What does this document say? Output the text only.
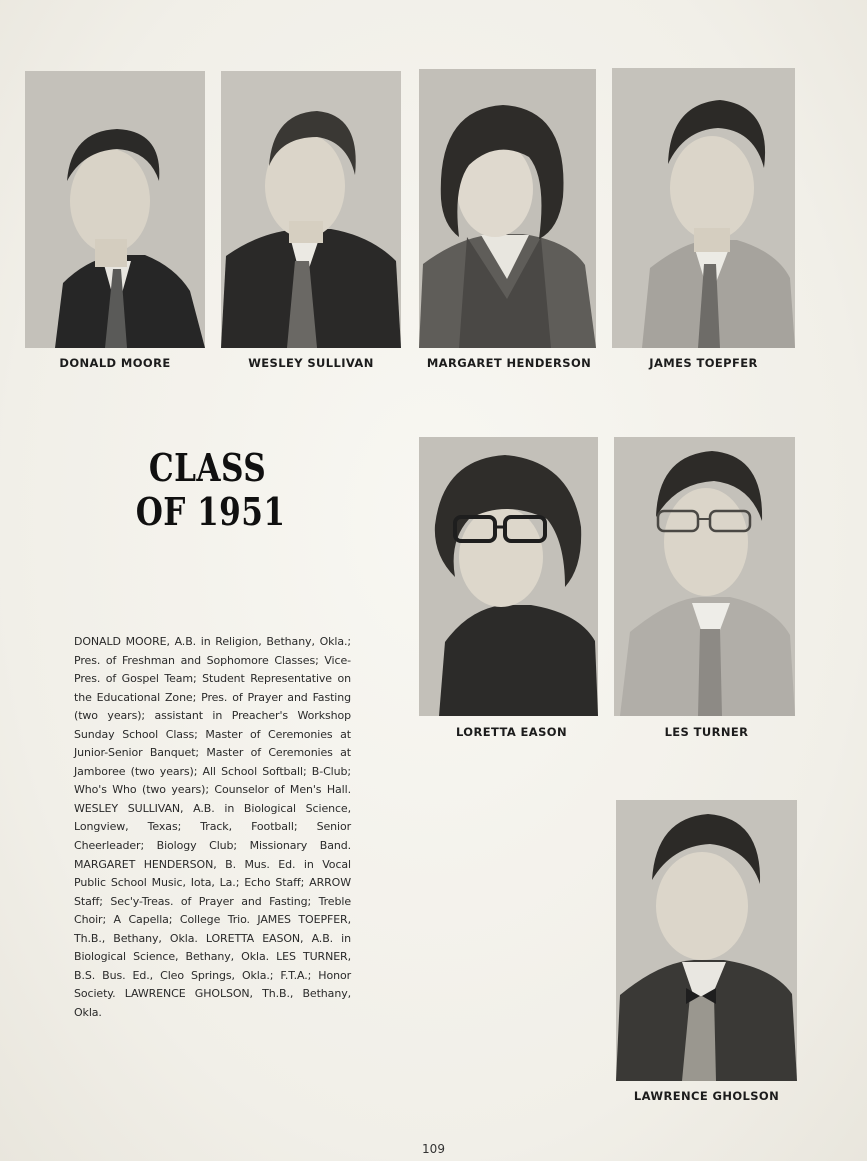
DONALD MOORE	WESLEY SULLIVAN	MARGARET HENDERSON	JAMES TOEPFER
CLASS
OF 1951
LORETTA EASON	LES TURNER
DONALD MOORE, A.B. in Religion, Bethany, Okla.; Pres. of Freshman and Sophomore Classes; Vice-Pres. of Gospel Team; Student Representative on the Educational Zone; Pres. of Prayer and Fasting (two years); assistant in Preacher's Workshop Sunday School Class; Master of Ceremonies at Junior-Senior Banquet; Master of Ceremonies at Jamboree (two years); All School Softball; B-Club; Who's Who (two years); Counselor of Men's Hall. WESLEY SULLIVAN, A.B. in Biological Science, Longview, Texas; Track, Football; Senior Cheerleader; Biology Club; Missionary Band. MARGARET HENDERSON, B. Mus. Ed. in Vocal Public School Music, Iota, La.; Echo Staff; ARROW Staff; Sec'y-Treas. of Prayer and Fasting; Treble Choir; A Capella; College Trio. JAMES TOEPFER, Th.B., Bethany, Okla. LORETTA EASON, A.B. in Biological Science, Bethany, Okla. LES TURNER, B.S. Bus. Ed., Cleo Springs, Okla.; F.T.A.; Honor Society. LAWRENCE GHOLSON, Th.B., Bethany, Okla.
LAWRENCE GHOLSON
109
